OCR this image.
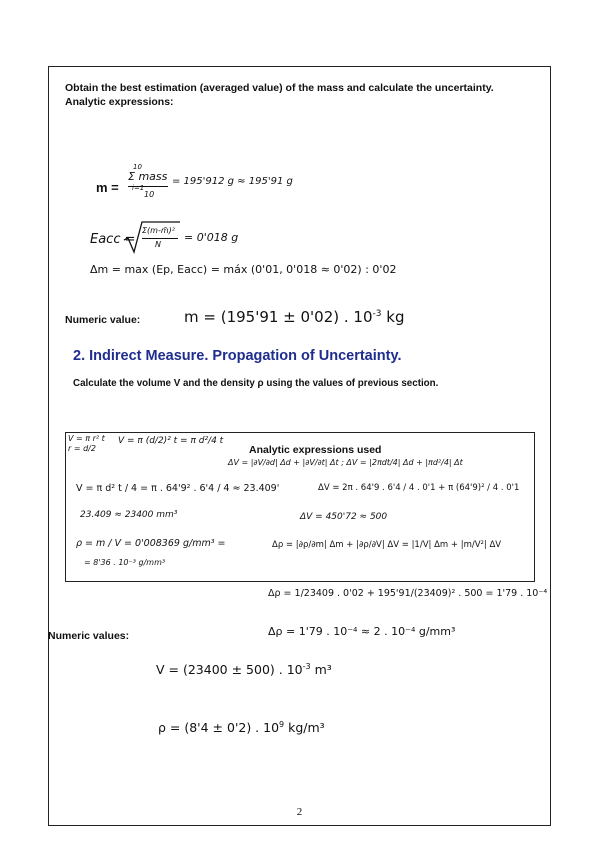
Obtain the best estimation (averaged value) of the mass and calculate the uncertainty.
Analytic expressions:
m =
10
Σ mass
i=1
10
= 195'912 g ≈ 195'91 g
Eacc =
Σ(m-m̄)²
N
= 0'018 g
Δm = max (Ep, Eacc) = máx (0'01, 0'018 ≈ 0'02) : 0'02
Numeric value:	m = (195'91 ± 0'02) . $10^{-3}$ kg
2. Indirect Measure. Propagation of Uncertainty.
Calculate the volume V and the density ρ using the values of previous section.
V = π r² t
r = d/2
V = π (d/2)² t = π d²/4 t
Analytic expressions used
ΔV = |∂V/∂d| Δd + |∂V/∂t| Δt ; ΔV = |2πdt/4| Δd + |πd²/4| Δt
V = π d² t / 4 = π . 64'9² . 6'4 / 4 ≈ 23.409'	ΔV = 2π . 64'9 . 6'4 / 4 . 0'1 + π (64'9)² / 4 . 0'1
23.409 ≈ 23400 mm³	ΔV = 450'72 ≈ 500
ρ = m / V = 0'008369 g/mm³ =
= 8'36 . 10⁻³ g/mm³
Δρ = |∂ρ/∂m| Δm + |∂ρ/∂V| ΔV = |1/V| Δm + |m/V²| ΔV
Δρ = 1/23409 . 0'02 + 195'91/(23409)² . 500 = 1'79 . 10⁻⁴
Numeric values:	Δρ = 1'79 . 10⁻⁴ ≈ 2 . 10⁻⁴ g/mm³
V = (23400 ± 500) . $10^{-3}$ m³
ρ = (8'4 ± 0'2) . $10^9$ kg/m³
2
